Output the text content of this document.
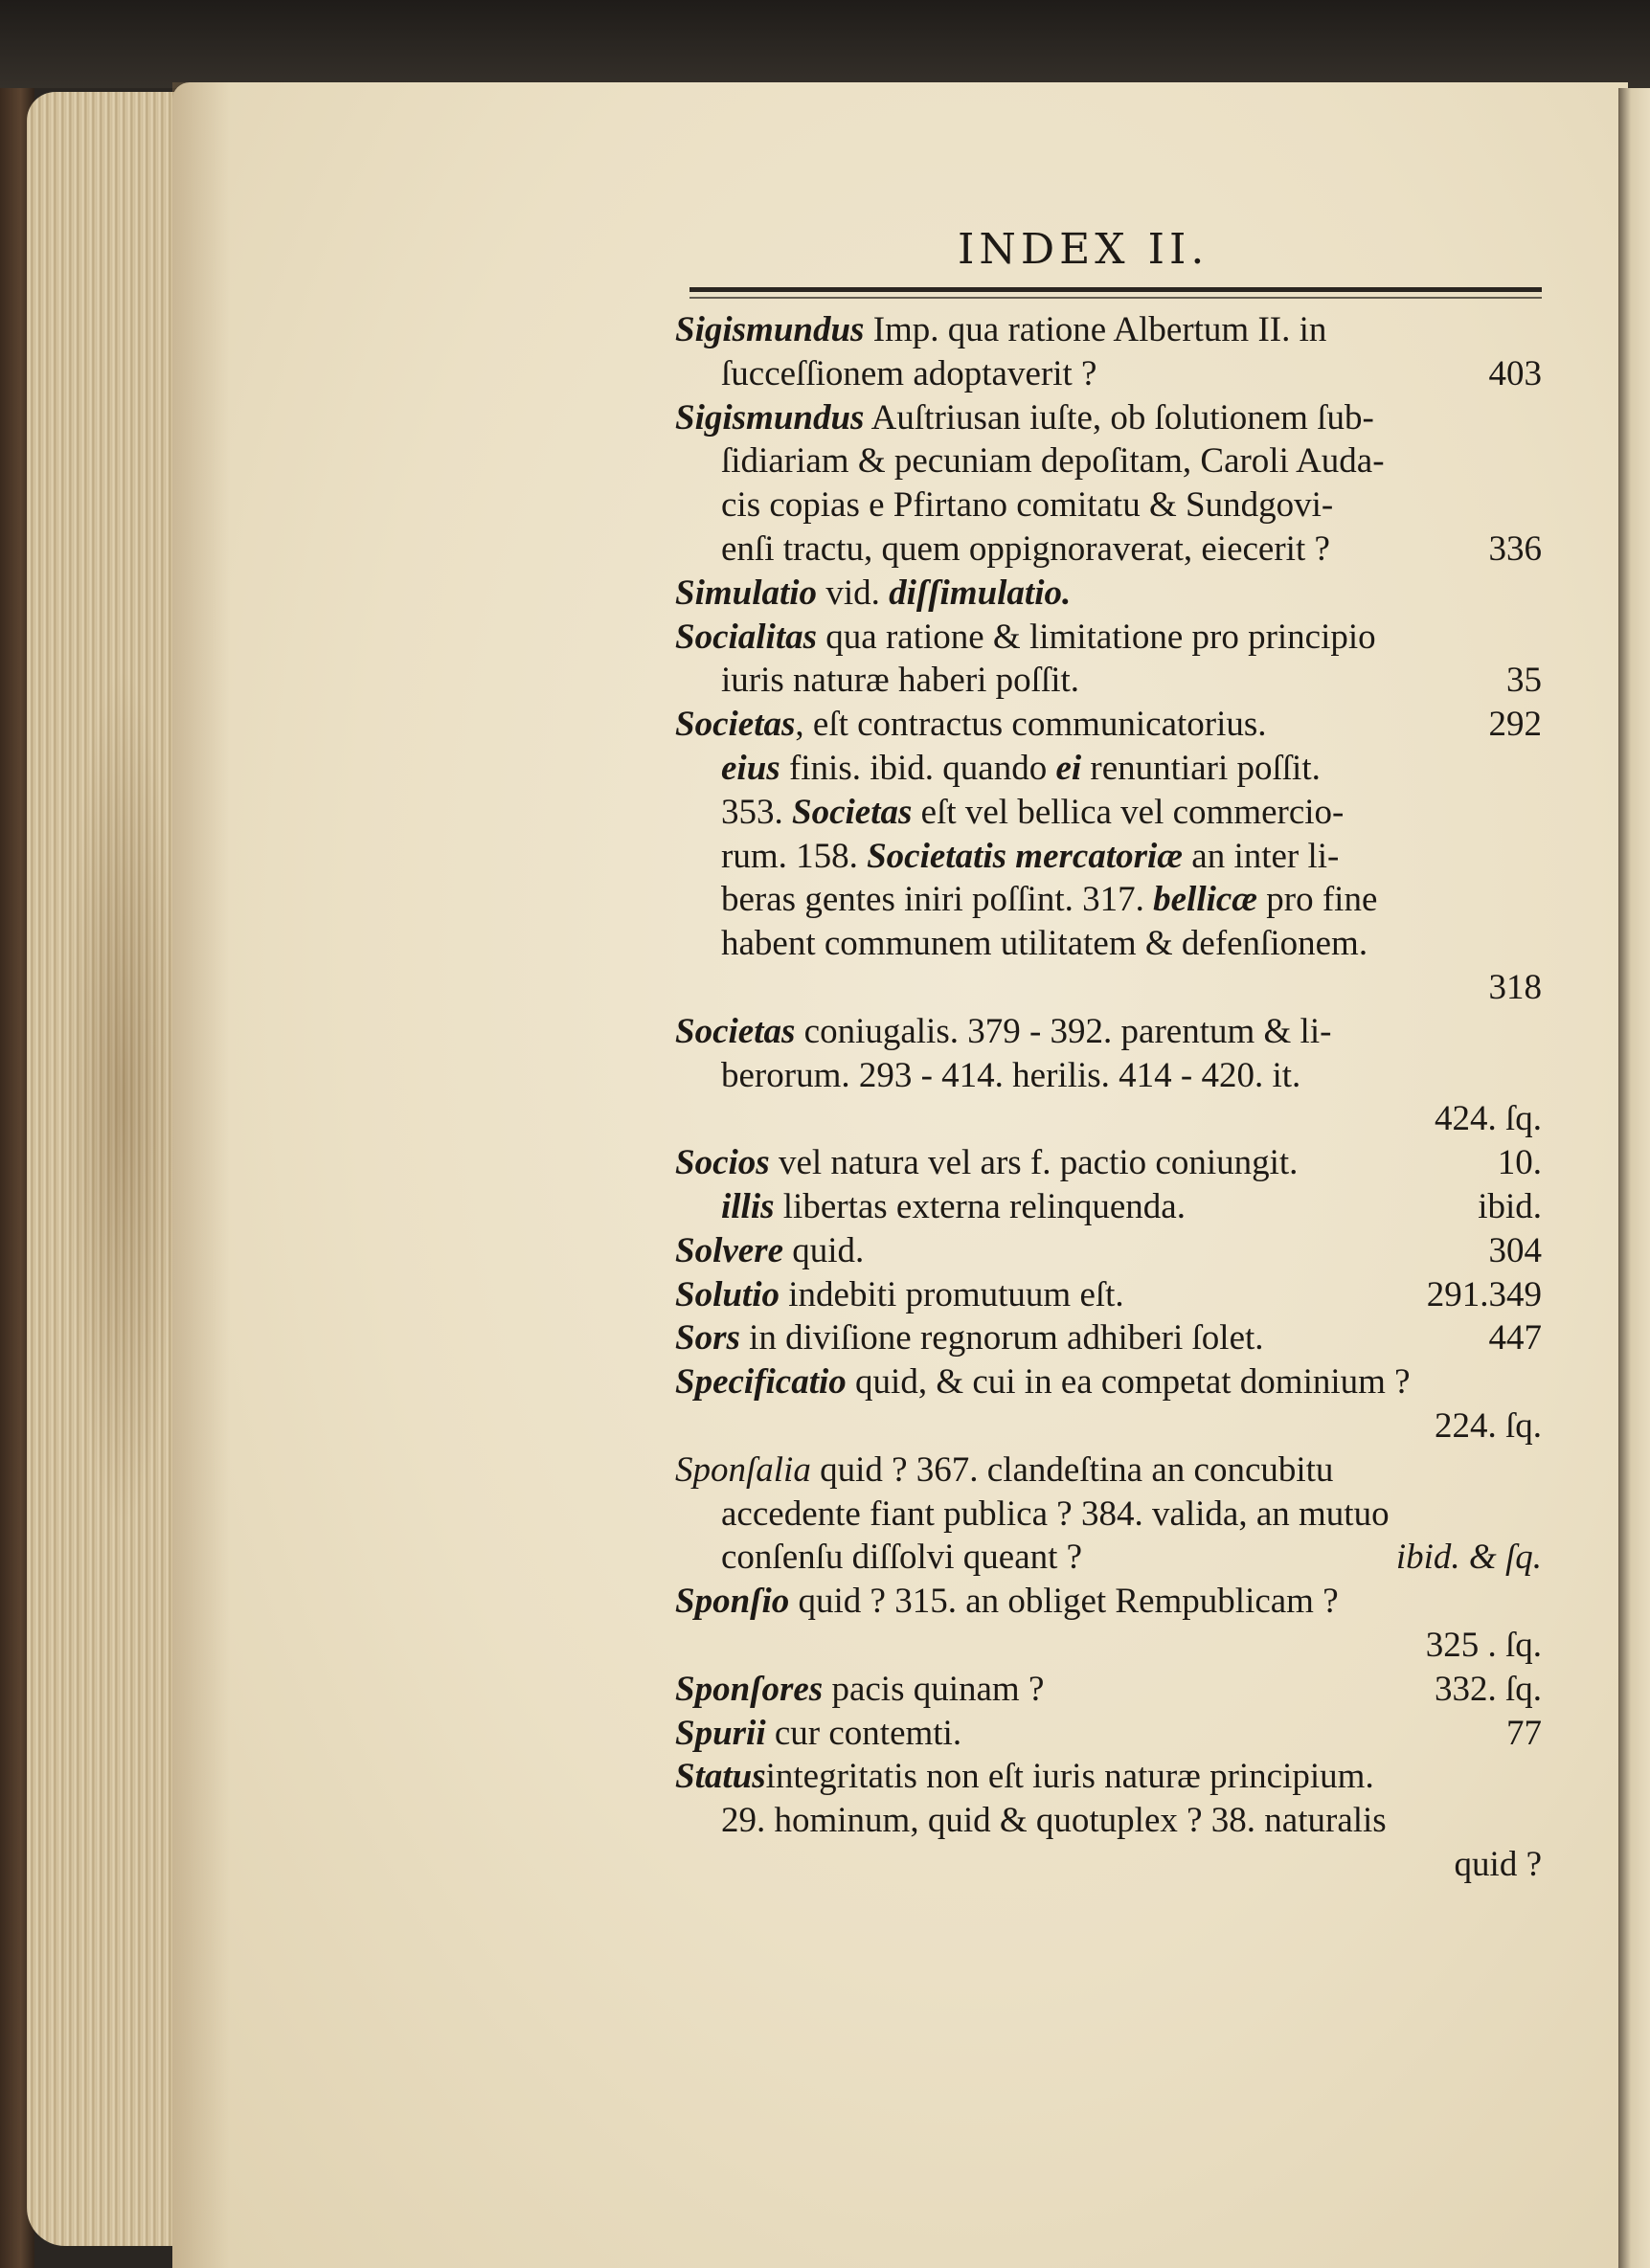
INDEX II.
Sigismundus Imp. qua ratione Albertum II. in
ſucceſſionem adoptaverit ?	403
Sigismundus Auſtriusan iuſte, ob ſolutionem ſub-
ſidiariam & pecuniam depoſitam, Caroli Auda-
cis copias e Pfirtano comitatu & Sundgovi-
enſi tractu, quem oppignoraverat, eiecerit ?	336
Simulatio vid. diſſimulatio.
Socialitas qua ratione & limitatione pro principio
iuris naturæ haberi poſſit.	35
Societas, eſt contractus communicatorius.	292
eius finis. ibid. quando ei renuntiari poſſit.
353. Societas eſt vel bellica vel commercio-
rum. 158. Societatis mercatoriæ an inter li-
beras gentes iniri poſſint. 317. bellicæ pro fine
habent communem utilitatem & defenſionem.
318
Societas coniugalis. 379 - 392. parentum & li-
berorum. 293 - 414. herilis. 414 - 420. it.
424. ſq.
Socios vel natura vel ars f. pactio coniungit.	10.
illis libertas externa relinquenda.	ibid.
Solvere quid.	304
Solutio indebiti promutuum eſt.	291.349
Sors in diviſione regnorum adhiberi ſolet.	447
Specificatio quid, & cui in ea competat dominium ?
224. ſq.
Sponſalia quid ? 367. clandeſtina an concubitu
accedente fiant publica ? 384. valida, an mutuo
conſenſu diſſolvi queant ?	ibid. & ſq.
Sponſio quid ? 315. an obliget Rempublicam ?
325 . ſq.
Sponſores pacis quinam ?	332. ſq.
Spurii cur contemti.	77
Statusintegritatis non eſt iuris naturæ principium.
29. hominum, quid & quotuplex ? 38. naturalis
quid ?
